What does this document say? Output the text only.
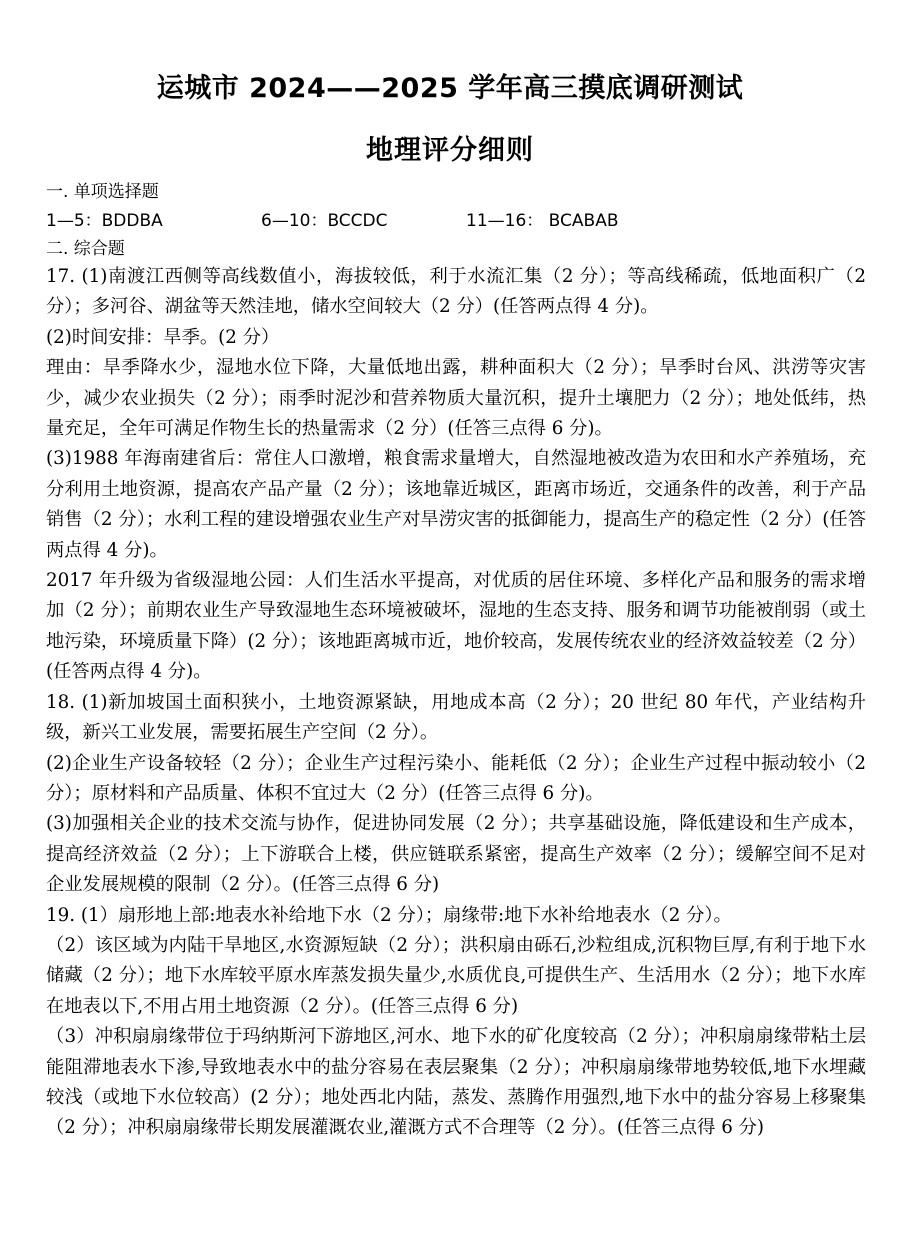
运城市 2024——2025 学年高三摸底调研测试
地理评分细则
一. 单项选择题
1—5：BDDBA	6—10：BCCDC	11—16： BCABAB
二. 综合题

17. (1)南渡江西侧等高线数值小，海拔较低，利于水流汇集（2 分）；等高线稀疏，低地面积广（2 分）；多河谷、湖盆等天然洼地，储水空间较大（2 分）(任答两点得 4 分)。

(2)时间安排：旱季。(2 分）

理由：旱季降水少，湿地水位下降，大量低地出露，耕种面积大（2 分）；旱季时台风、洪涝等灾害少，减少农业损失（2 分）；雨季时泥沙和营养物质大量沉积，提升土壤肥力（2 分）；地处低纬，热量充足，全年可满足作物生长的热量需求（2 分）(任答三点得 6 分)。

(3)1988 年海南建省后：常住人口激增，粮食需求量增大，自然湿地被改造为农田和水产养殖场，充分利用土地资源，提高农产品产量（2 分）；该地靠近城区，距离市场近，交通条件的改善，利于产品销售（2 分）；水利工程的建设增强农业生产对旱涝灾害的抵御能力，提高生产的稳定性（2 分）(任答两点得 4 分)。

2017 年升级为省级湿地公园：人们生活水平提高，对优质的居住环境、多样化产品和服务的需求增加（2 分）；前期农业生产导致湿地生态环境被破坏，湿地的生态支持、服务和调节功能被削弱（或土地污染，环境质量下降）(2 分）；该地距离城市近，地价较高，发展传统农业的经济效益较差（2 分）(任答两点得 4 分)。

18. (1)新加坡国土面积狭小，土地资源紧缺，用地成本高（2 分）；20 世纪 80 年代，产业结构升级，新兴工业发展，需要拓展生产空间（2 分）。

(2)企业生产设备较轻（2 分）；企业生产过程污染小、能耗低（2 分）；企业生产过程中振动较小（2 分）；原材料和产品质量、体积不宜过大（2 分）(任答三点得 6 分)。

(3)加强相关企业的技术交流与协作，促进协同发展（2 分）；共享基础设施，降低建设和生产成本，提高经济效益（2 分）；上下游联合上楼，供应链联系紧密，提高生产效率（2 分）；缓解空间不足对企业发展规模的限制（2 分）。(任答三点得 6 分)

19. (1）扇形地上部:地表水补给地下水（2 分）；扇缘带:地下水补给地表水（2 分）。

（2）该区域为内陆干旱地区,水资源短缺（2 分）；洪积扇由砾石,沙粒组成,沉积物巨厚,有利于地下水储藏（2 分）；地下水库较平原水库蒸发损失量少,水质优良,可提供生产、生活用水（2 分）；地下水库在地表以下,不用占用土地资源（2 分）。(任答三点得 6 分)

（3）冲积扇扇缘带位于玛纳斯河下游地区,河水、地下水的矿化度较高（2 分）；冲积扇扇缘带粘土层能阻滞地表水下渗,导致地表水中的盐分容易在表层聚集（2 分）；冲积扇扇缘带地势较低,地下水埋藏较浅（或地下水位较高）(2 分）；地处西北内陆，蒸发、蒸腾作用强烈,地下水中的盐分容易上移聚集（2 分）；冲积扇扇缘带长期发展灌溉农业,灌溉方式不合理等（2 分）。(任答三点得 6 分)
